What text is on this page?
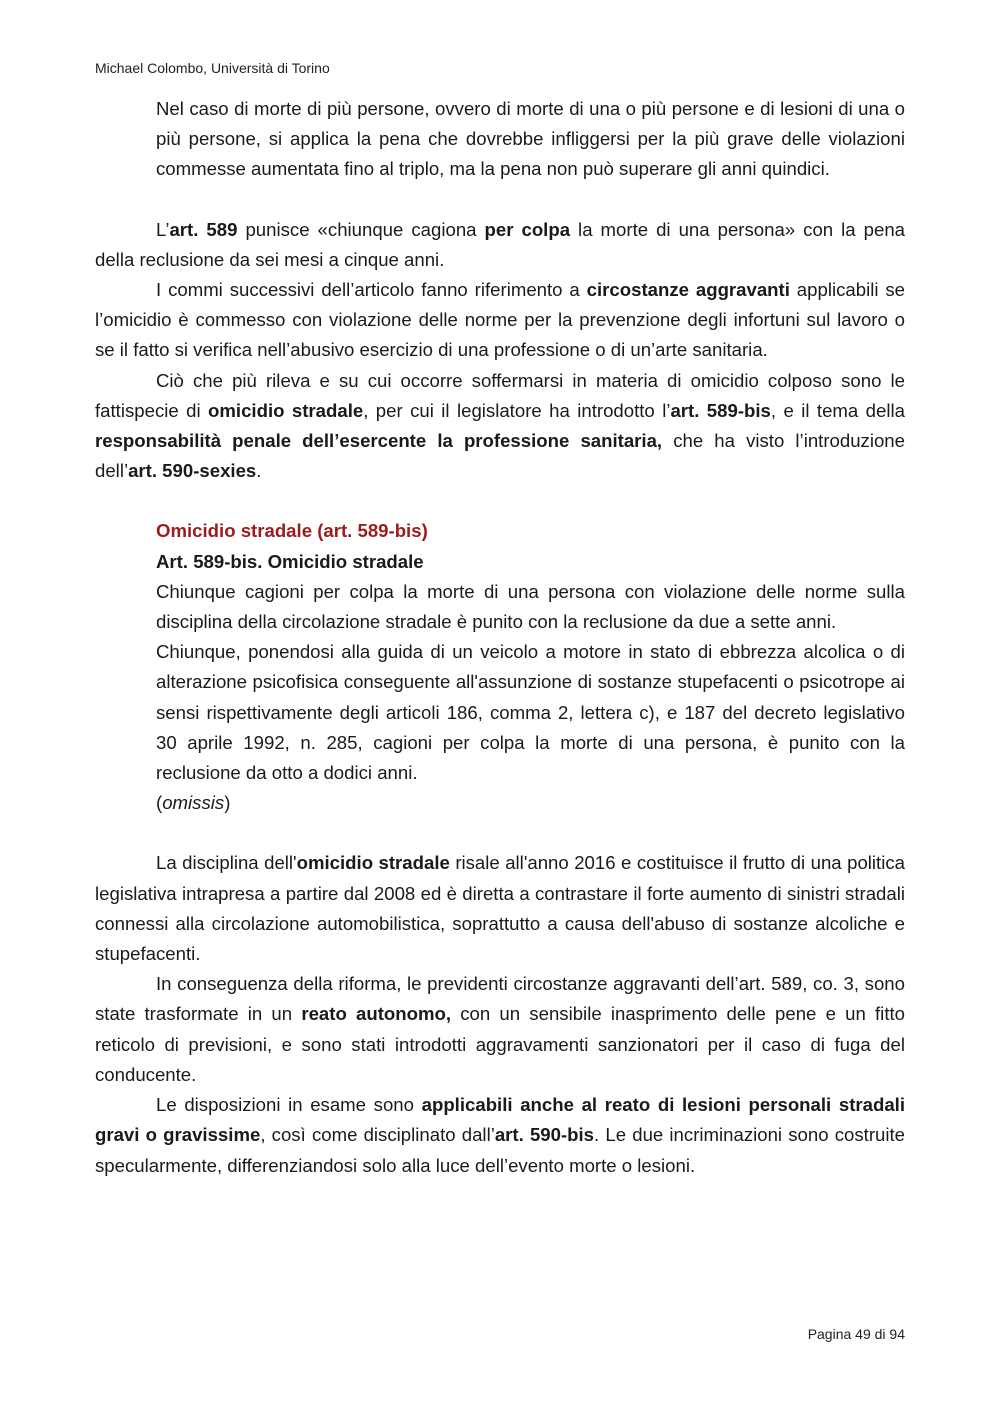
Michael Colombo, Università di Torino
Nel caso di morte di più persone, ovvero di morte di una o più persone e di lesioni di una o più persone, si applica la pena che dovrebbe infliggersi per la più grave delle violazioni commesse aumentata fino al triplo, ma la pena non può superare gli anni quindici.

L’art. 589 punisce «chiunque cagiona per colpa la morte di una persona» con la pena della reclusione da sei mesi a cinque anni.

I commi successivi dell’articolo fanno riferimento a circostanze aggravanti applicabili se l’omicidio è commesso con violazione delle norme per la prevenzione degli infortuni sul lavoro o se il fatto si verifica nell’abusivo esercizio di una professione o di un’arte sanitaria.

Ciò che più rileva e su cui occorre soffermarsi in materia di omicidio colposo sono le fattispecie di omicidio stradale, per cui il legislatore ha introdotto l’art. 589-bis, e il tema della responsabilità penale dell’esercente la professione sanitaria, che ha visto l’introduzione dell’art. 590-sexies.

Omicidio stradale (art. 589-bis)
Art. 589-bis. Omicidio stradale

Chiunque cagioni per colpa la morte di una persona con violazione delle norme sulla disciplina della circolazione stradale è punito con la reclusione da due a sette anni.

Chiunque, ponendosi alla guida di un veicolo a motore in stato di ebbrezza alcolica o di alterazione psicofisica conseguente all'assunzione di sostanze stupefacenti o psicotrope ai sensi rispettivamente degli articoli 186, comma 2, lettera c), e 187 del decreto legislativo 30 aprile 1992, n. 285, cagioni per colpa la morte di una persona, è punito con la reclusione da otto a dodici anni.

(omissis)

La disciplina dell'omicidio stradale risale all'anno 2016 e costituisce il frutto di una politica legislativa intrapresa a partire dal 2008 ed è diretta a contrastare il forte aumento di sinistri stradali connessi alla circolazione automobilistica, soprattutto a causa dell'abuso di sostanze alcoliche e stupefacenti.

In conseguenza della riforma, le previdenti circostanze aggravanti dell’art. 589, co. 3, sono state trasformate in un reato autonomo, con un sensibile inasprimento delle pene e un fitto reticolo di previsioni, e sono stati introdotti aggravamenti sanzionatori per il caso di fuga del conducente.

Le disposizioni in esame sono applicabili anche al reato di lesioni personali stradali gravi o gravissime, così come disciplinato dall’art. 590-bis. Le due incriminazioni sono costruite specularmente, differenziandosi solo alla luce dell’evento morte o lesioni.

Pagina 49 di 94
